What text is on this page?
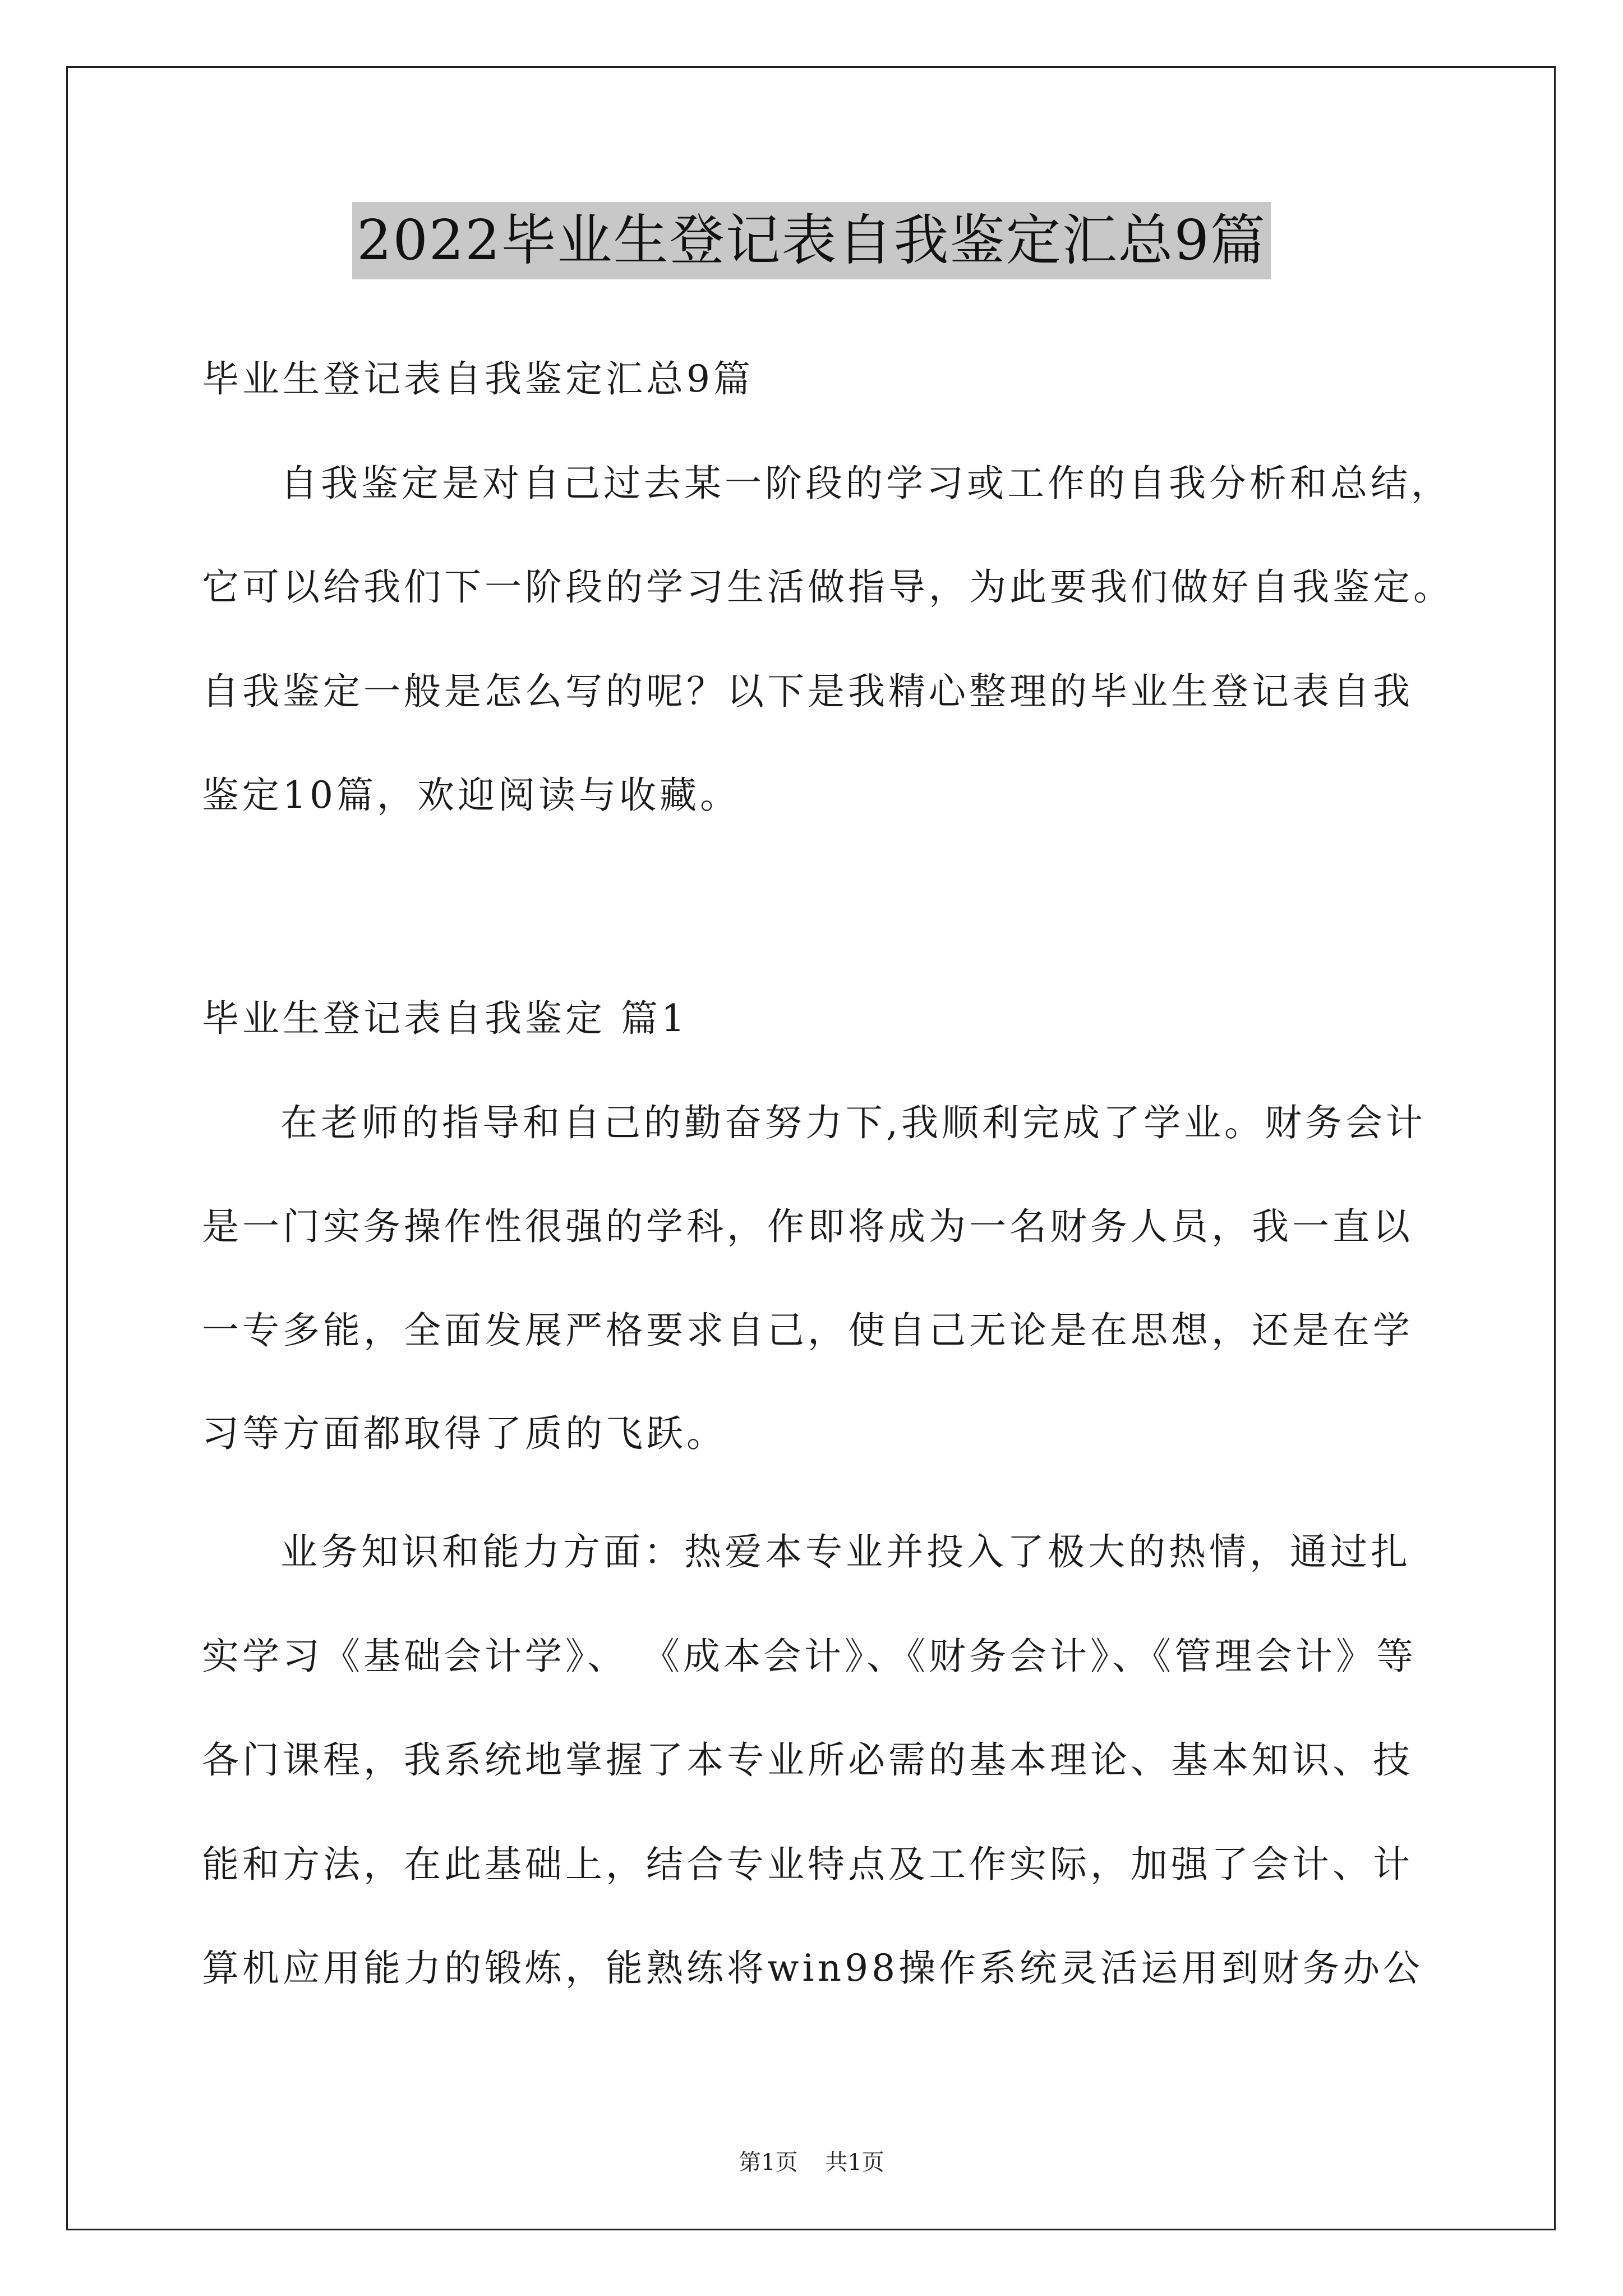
2022毕业生登记表自我鉴定汇总9篇
毕业生登记表自我鉴定汇总9篇
自我鉴定是对自己过去某一阶段的学习或工作的自我分析和总结，
它可以给我们下一阶段的学习生活做指导，为此要我们做好自我鉴定。
自我鉴定一般是怎么写的呢？以下是我精心整理的毕业生登记表自我
鉴定10篇，欢迎阅读与收藏。
毕业生登记表自我鉴定 篇1
在老师的指导和自己的勤奋努力下,我顺利完成了学业。财务会计
是一门实务操作性很强的学科，作即将成为一名财务人员，我一直以
一专多能，全面发展严格要求自己，使自己无论是在思想，还是在学
习等方面都取得了质的飞跃。
业务知识和能力方面：热爱本专业并投入了极大的热情，通过扎
实学习《基础会计学》、 《成本会计》、《财务会计》、《管理会计》等
各门课程，我系统地掌握了本专业所必需的基本理论、基本知识、技
能和方法，在此基础上，结合专业特点及工作实际，加强了会计、计
算机应用能力的锻炼，能熟练将win98操作系统灵活运用到财务办公
第1页 共1页
